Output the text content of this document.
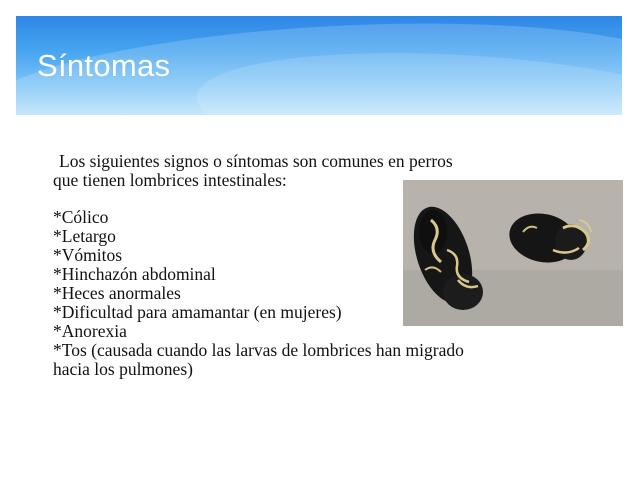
Síntomas

Los siguientes signos o síntomas son comunes en perros
que tienen lombrices intestinales:

*Cólico
*Letargo
*Vómitos
*Hinchazón abdominal
*Heces anormales
*Dificultad para amamantar (en mujeres)
*Anorexia
*Tos (causada cuando las larvas de lombrices han migrado
hacia los pulmones)
